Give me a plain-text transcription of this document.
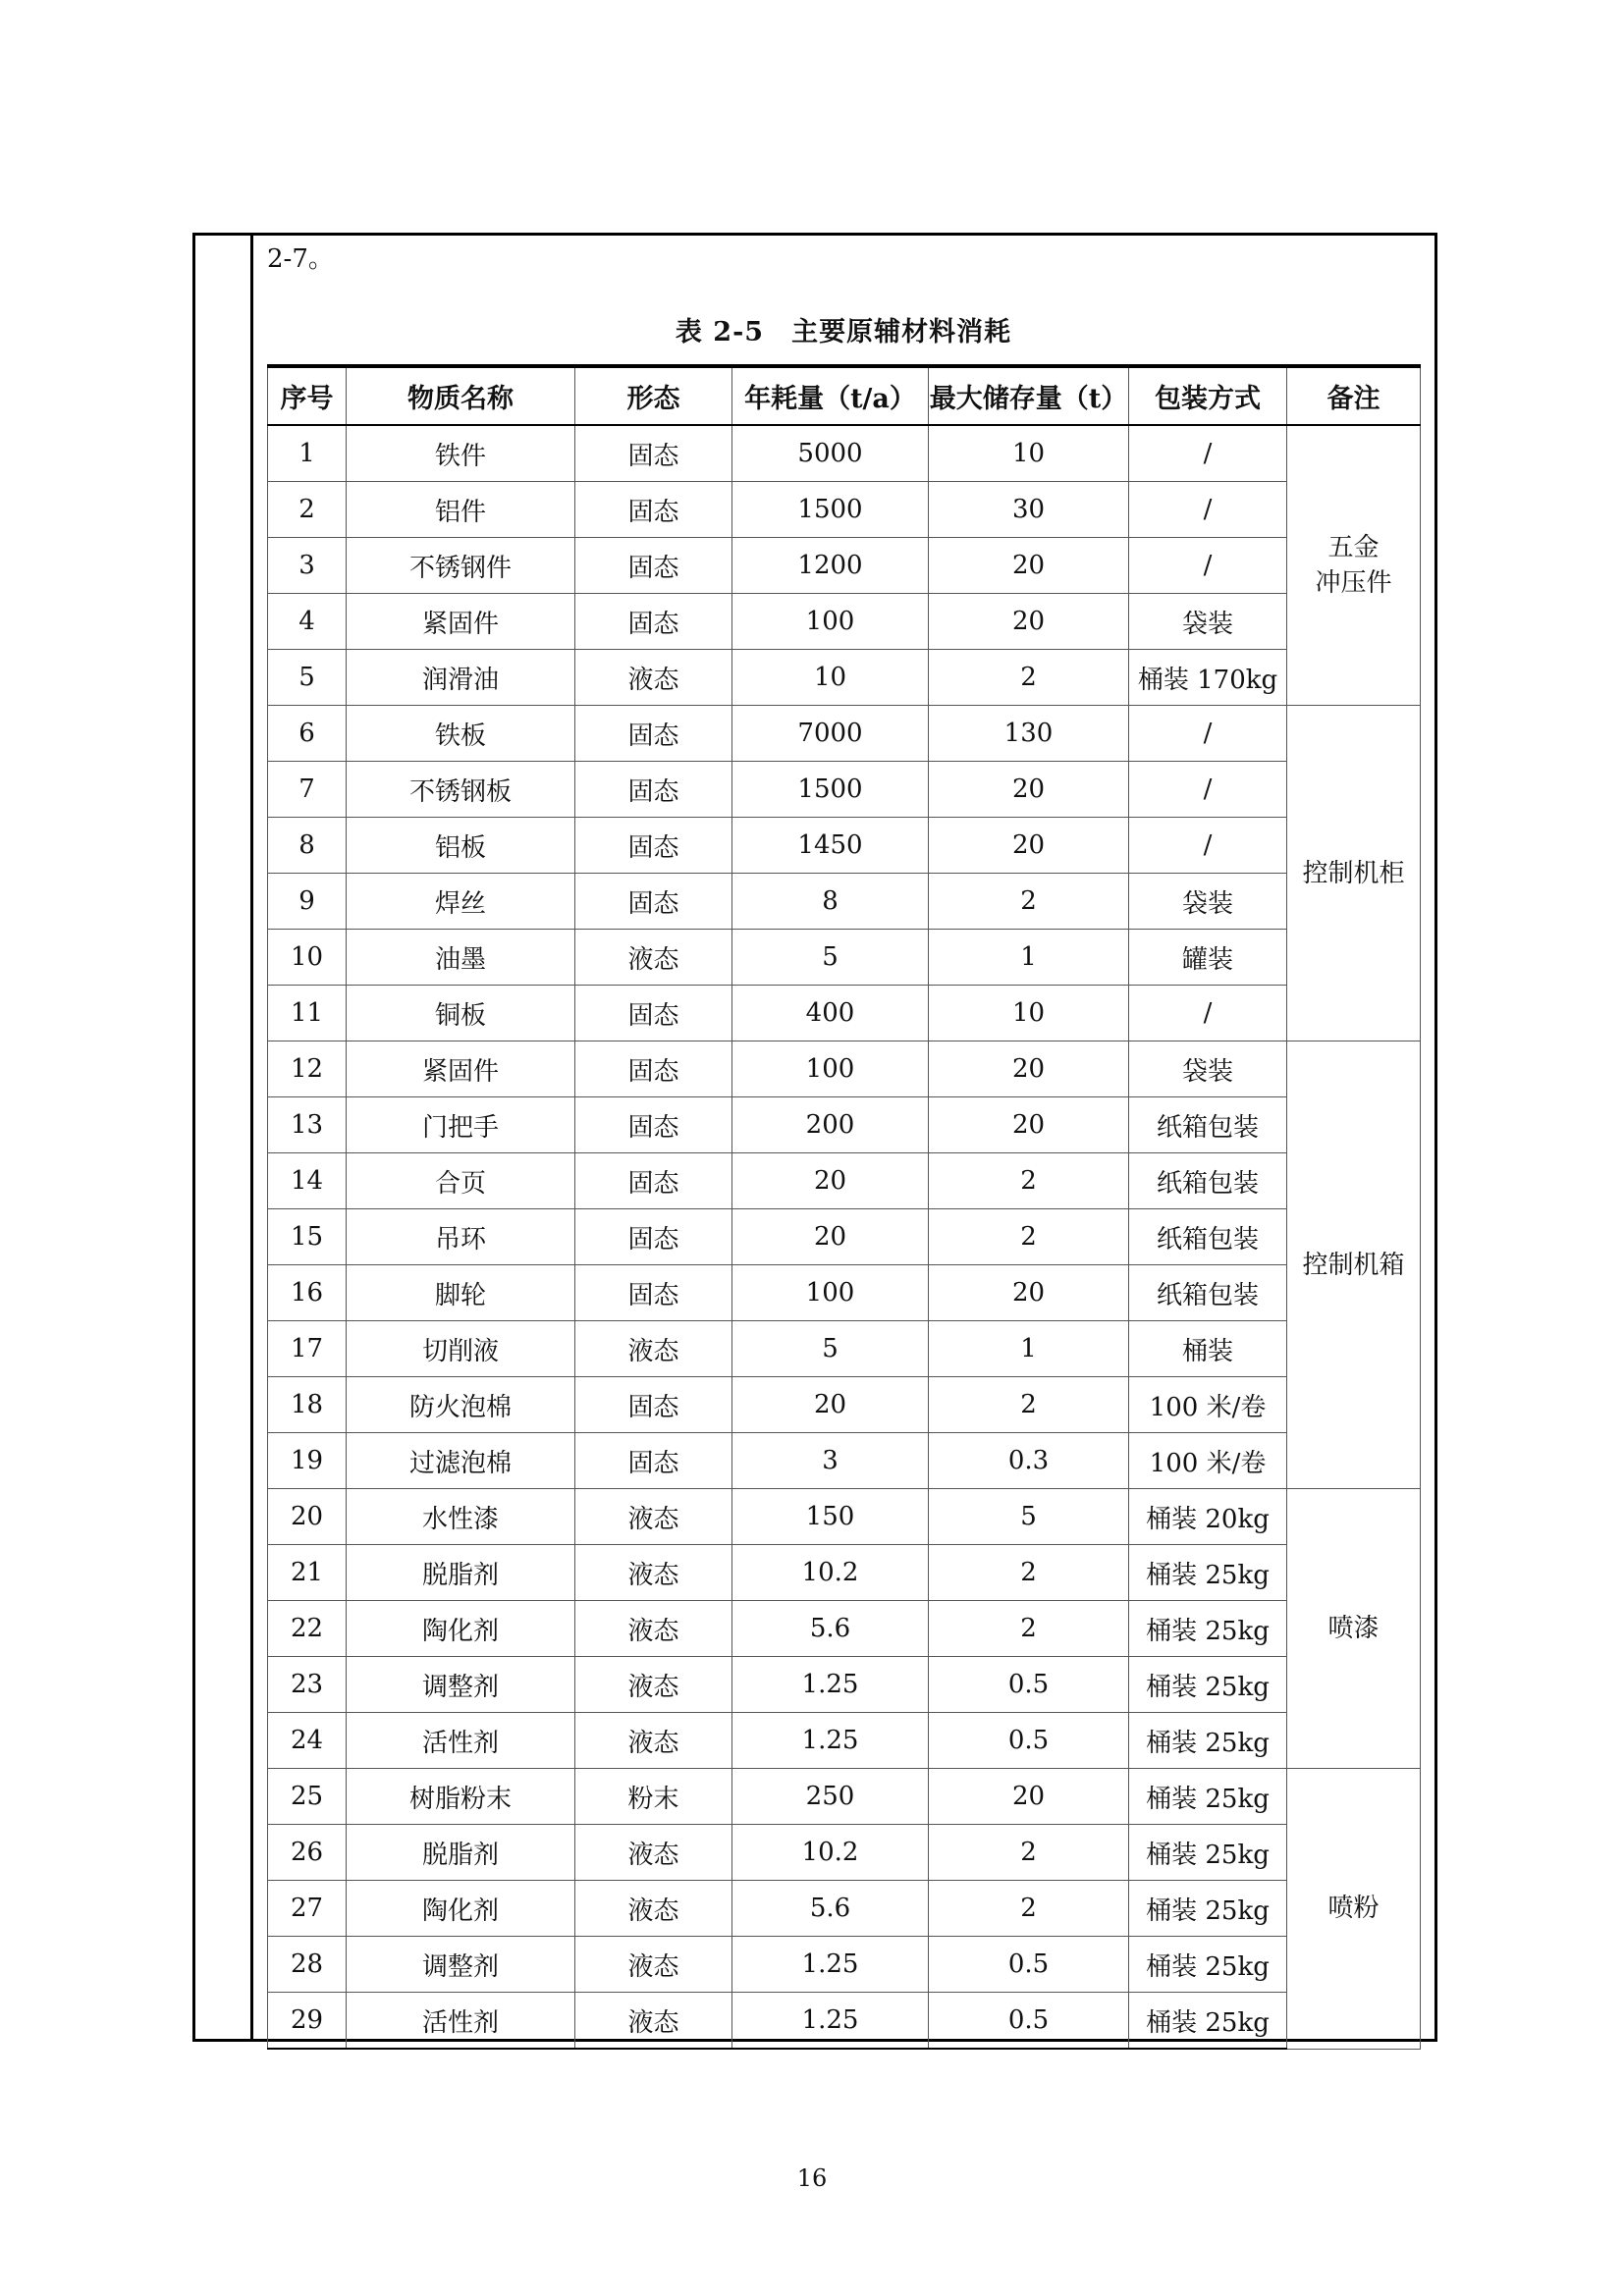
2-7。
表 2-5　主要原辅材料消耗
序号	物质名称	形态	年耗量（t/a）	最大储存量（t）	包装方式	备注
1	铁件	固态	5000	10	/	五金
冲压件
2	铝件	固态	1500	30	/	
3	不锈钢件	固态	1200	20	/	
4	紧固件	固态	100	20	袋装	
5	润滑油	液态	10	2	桶装 170kg	
6	铁板	固态	7000	130	/	控制机柜
7	不锈钢板	固态	1500	20	/	
8	铝板	固态	1450	20	/	
9	焊丝	固态	8	2	袋装	
10	油墨	液态	5	1	罐装	
11	铜板	固态	400	10	/	
12	紧固件	固态	100	20	袋装	控制机箱
13	门把手	固态	200	20	纸箱包装	
14	合页	固态	20	2	纸箱包装	
15	吊环	固态	20	2	纸箱包装	
16	脚轮	固态	100	20	纸箱包装	
17	切削液	液态	5	1	桶装	
18	防火泡棉	固态	20	2	100 米/卷	
19	过滤泡棉	固态	3	0.3	100 米/卷	
20	水性漆	液态	150	5	桶装 20kg	喷漆
21	脱脂剂	液态	10.2	2	桶装 25kg	
22	陶化剂	液态	5.6	2	桶装 25kg	
23	调整剂	液态	1.25	0.5	桶装 25kg	
24	活性剂	液态	1.25	0.5	桶装 25kg	
25	树脂粉末	粉末	250	20	桶装 25kg	喷粉
26	脱脂剂	液态	10.2	2	桶装 25kg	
27	陶化剂	液态	5.6	2	桶装 25kg	
28	调整剂	液态	1.25	0.5	桶装 25kg	
29	活性剂	液态	1.25	0.5	桶装 25kg	
16
